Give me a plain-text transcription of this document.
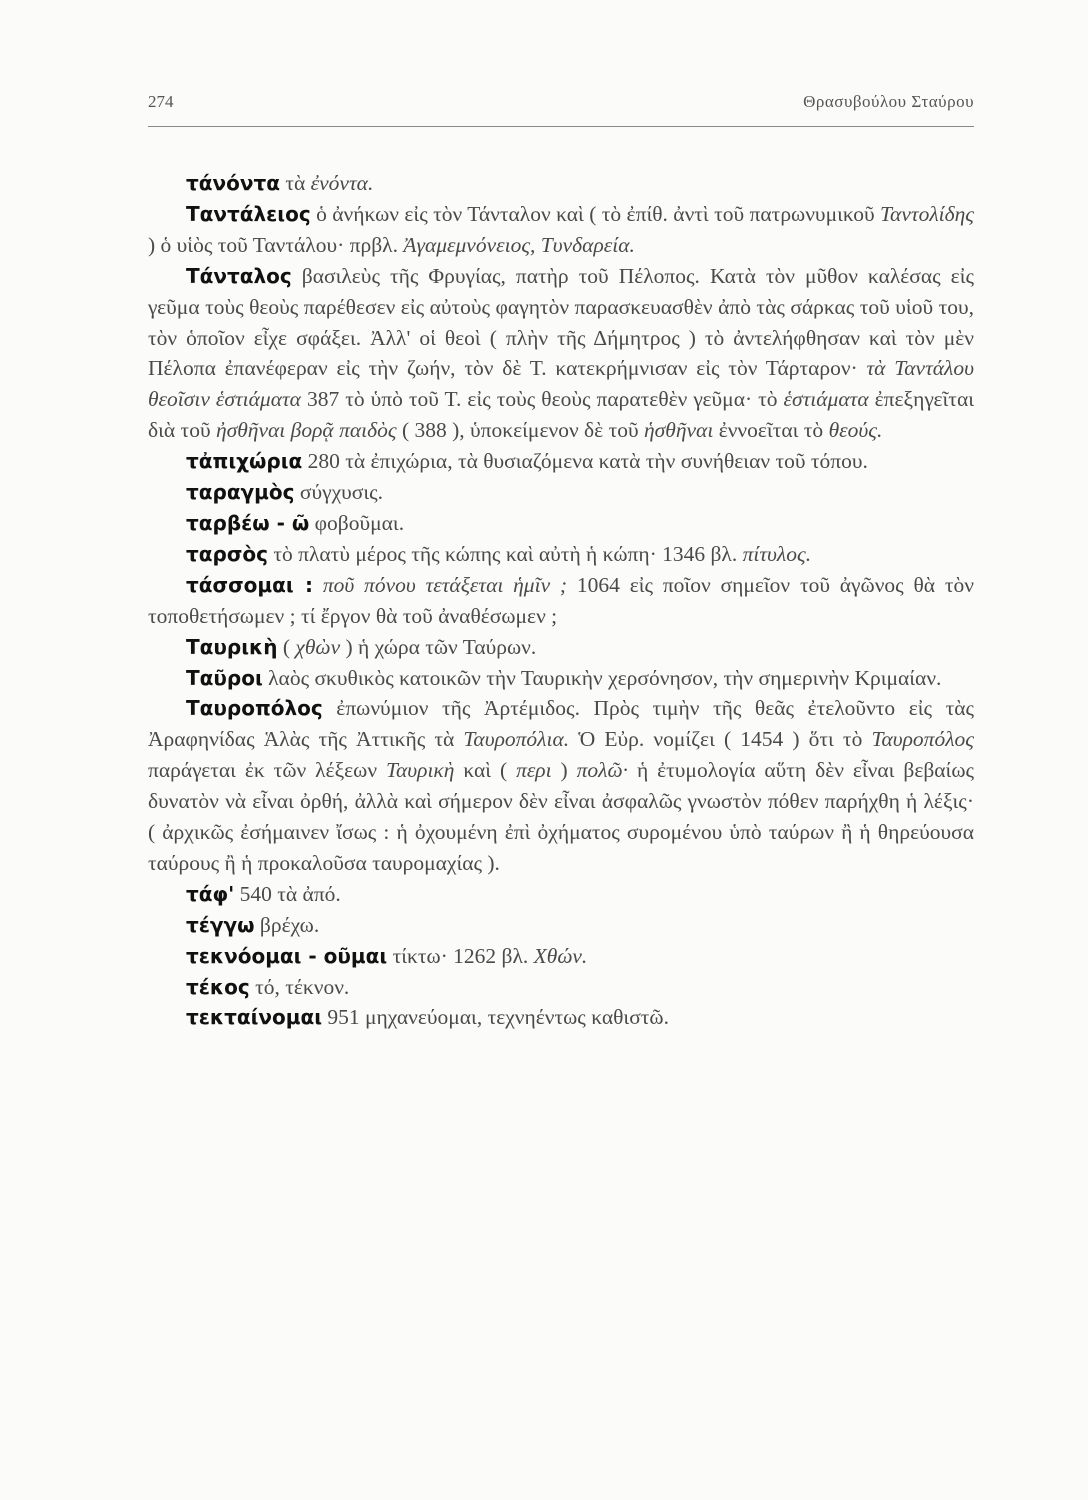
274	Θρασυβούλου Σταύρου

τάνόντα τὰ ἐνόντα.

Ταντάλειος ὁ ἀνήκων εἰς τὸν Τάνταλον καὶ ( τὸ ἐπίθ. ἀντὶ τοῦ πατρωνυμικοῦ Ταντολίδης ) ὁ υἱὸς τοῦ Ταντάλου· πρβλ. Ἀγαμεμνόνειος, Τυνδαρεία.

Τάνταλος βασιλεὺς τῆς Φρυγίας, πατὴρ τοῦ Πέλοπος. Κατὰ τὸν μῦθον καλέσας εἰς γεῦμα τοὺς θεοὺς παρέθεσεν εἰς αὐτοὺς φαγητὸν παρασκευασθὲν ἀπὸ τὰς σάρκας τοῦ υἱοῦ του, τὸν ὁποῖον εἶχε σφάξει. Ἀλλ' οἱ θεοὶ ( πλὴν τῆς Δήμητρος ) τὸ ἀντελήφθησαν καὶ τὸν μὲν Πέλοπα ἐπανέφεραν εἰς τὴν ζωήν, τὸν δὲ Τ. κατεκρήμνισαν εἰς τὸν Τάρταρον· τὰ Ταντάλου θεοῖσιν ἑστιάματα 387 τὸ ὑπὸ τοῦ Τ. εἰς τοὺς θεοὺς παρατεθὲν γεῦμα· τὸ ἑστιάματα ἐπεξηγεῖται διὰ τοῦ ἠσθῆναι βορᾷ παιδὸς ( 388 ), ὑποκείμενον δὲ τοῦ ἡσθῆναι ἐννοεῖται τὸ θεούς.

τἀπιχώρια 280 τὰ ἐπιχώρια, τὰ θυσιαζόμενα κατὰ τὴν συνήθειαν τοῦ τόπου.

ταραγμὸς σύγχυσις.

ταρβέω - ῶ φοβοῦμαι.

ταρσὸς τὸ πλατὺ μέρος τῆς κώπης καὶ αὐτὴ ἡ κώπη· 1346 βλ. πίτυλος.

τάσσομαι : ποῦ πόνου τετάξεται ἡμῖν ; 1064 εἰς ποῖον σημεῖον τοῦ ἀγῶνος θὰ τὸν τοποθετήσωμεν ; τί ἔργον θὰ τοῦ ἀναθέσωμεν ;

Ταυρικὴ ( χθὼν ) ἡ χώρα τῶν Ταύρων.

Ταῦροι λαὸς σκυθικὸς κατοικῶν τὴν Ταυρικὴν χερσόνησον, τὴν σημερινὴν Κριμαίαν.

Ταυροπόλος ἐπωνύμιον τῆς Ἀρτέμιδος. Πρὸς τιμὴν τῆς θεᾶς ἐτελοῦντο εἰς τὰς Ἀραφηνίδας Ἁλὰς τῆς Ἀττικῆς τὰ Ταυροπόλια. Ὁ Εὐρ. νομίζει ( 1454 ) ὅτι τὸ Ταυροπόλος παράγεται ἐκ τῶν λέξεων Ταυρικὴ καὶ ( περι ) πολῶ· ἡ ἐτυμολογία αὕτη δὲν εἶναι βεβαίως δυνατὸν νὰ εἶναι ὀρθή, ἀλλὰ καὶ σήμερον δὲν εἶναι ἀσφαλῶς γνωστὸν πόθεν παρήχθη ἡ λέξις· ( ἀρχικῶς ἐσήμαινεν ἴσως : ἡ ὀχουμένη ἐπὶ ὀχήματος συρομένου ὑπὸ ταύρων ἢ ἡ θηρεύουσα ταύρους ἢ ἡ προκαλοῦσα ταυρομαχίας ).

τάφ' 540 τὰ ἀπό.

τέγγω βρέχω.

τεκνόομαι - οῦμαι τίκτω· 1262 βλ. Χθών.

τέκος τό, τέκνον.

τεκταίνομαι 951 μηχανεύομαι, τεχνηέντως καθιστῶ.
